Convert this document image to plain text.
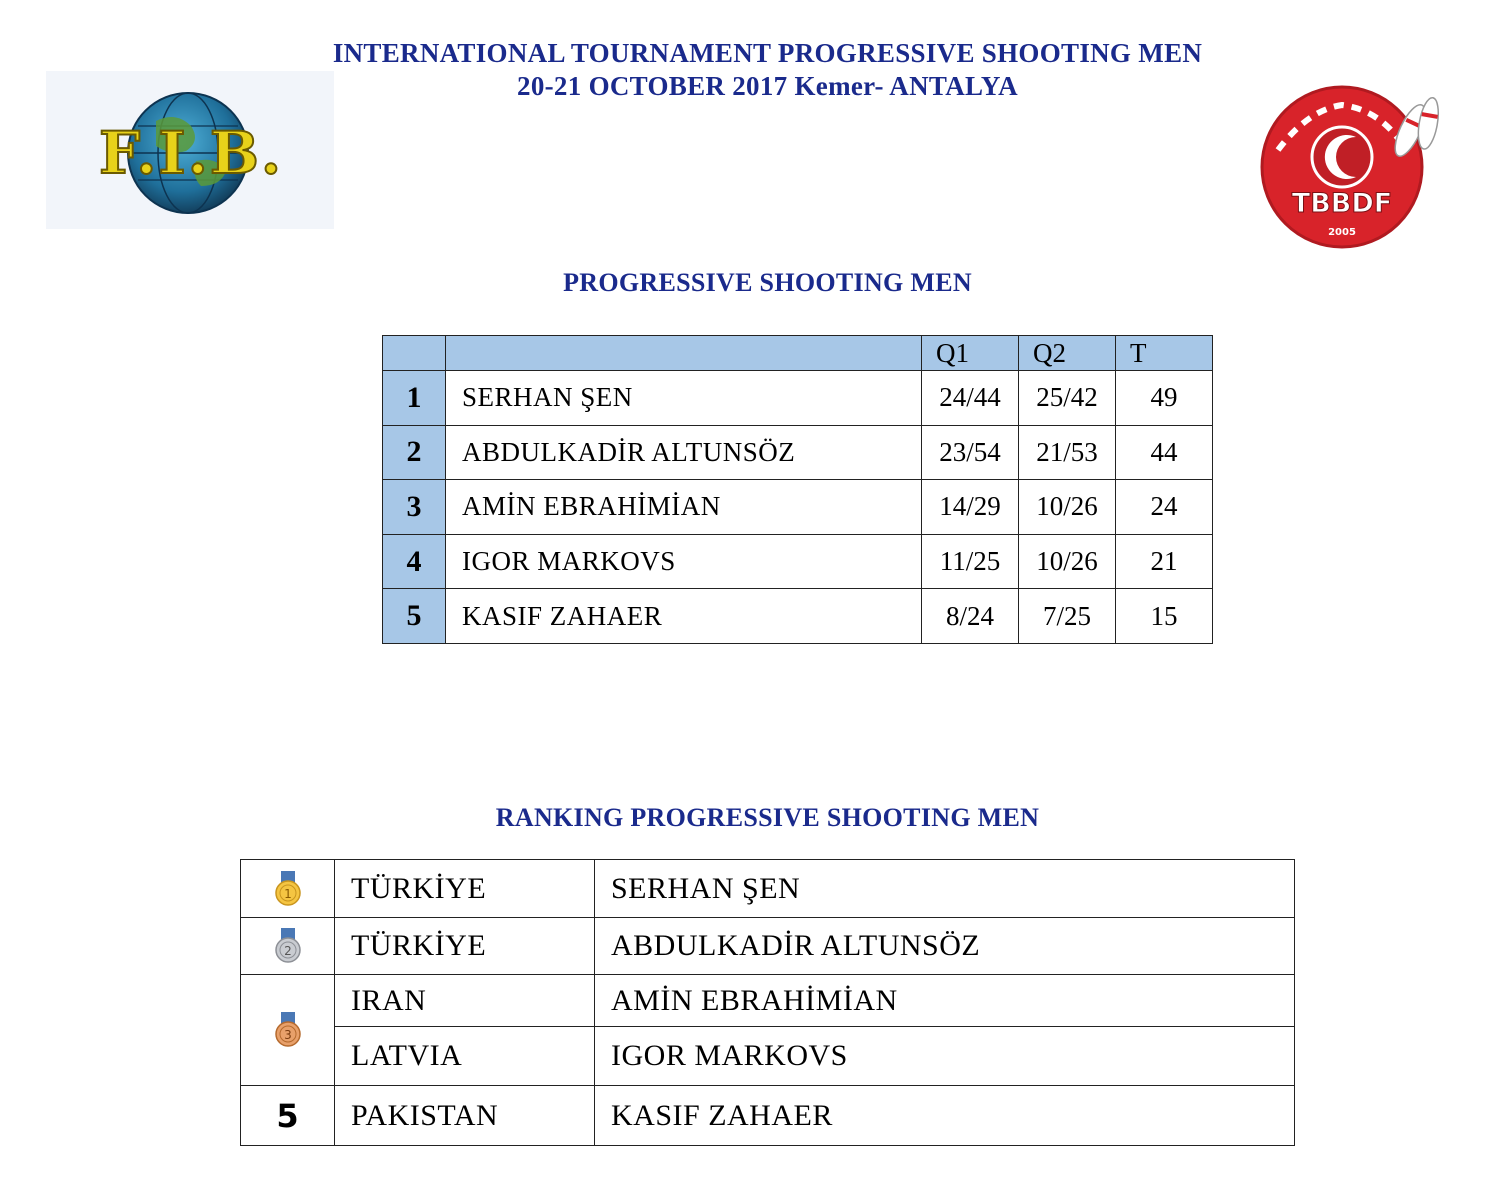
INTERNATIONAL TOURNAMENT PROGRESSIVE SHOOTING MEN
20-21 OCTOBER 2017 Kemer- ANTALYA
F.I.B.
TBBDF
2005
PROGRESSIVE SHOOTING MEN
		Q1	Q2	T
1	SERHAN ŞEN	24/44	25/42	49
2	ABDULKADİR ALTUNSÖZ	23/54	21/53	44
3	AMİN EBRAHİMİAN	14/29	10/26	24
4	IGOR MARKOVS	11/25	10/26	21
5	KASIF ZAHAER	8/24	7/25	15
RANKING PROGRESSIVE SHOOTING MEN
1	TÜRKİYE	SERHAN ŞEN

2	TÜRKİYE	ABDULKADİR ALTUNSÖZ

3	IRAN	AMİN EBRAHİMİAN
	LATVIA	IGOR MARKOVS
5	PAKISTAN	KASIF ZAHAER
